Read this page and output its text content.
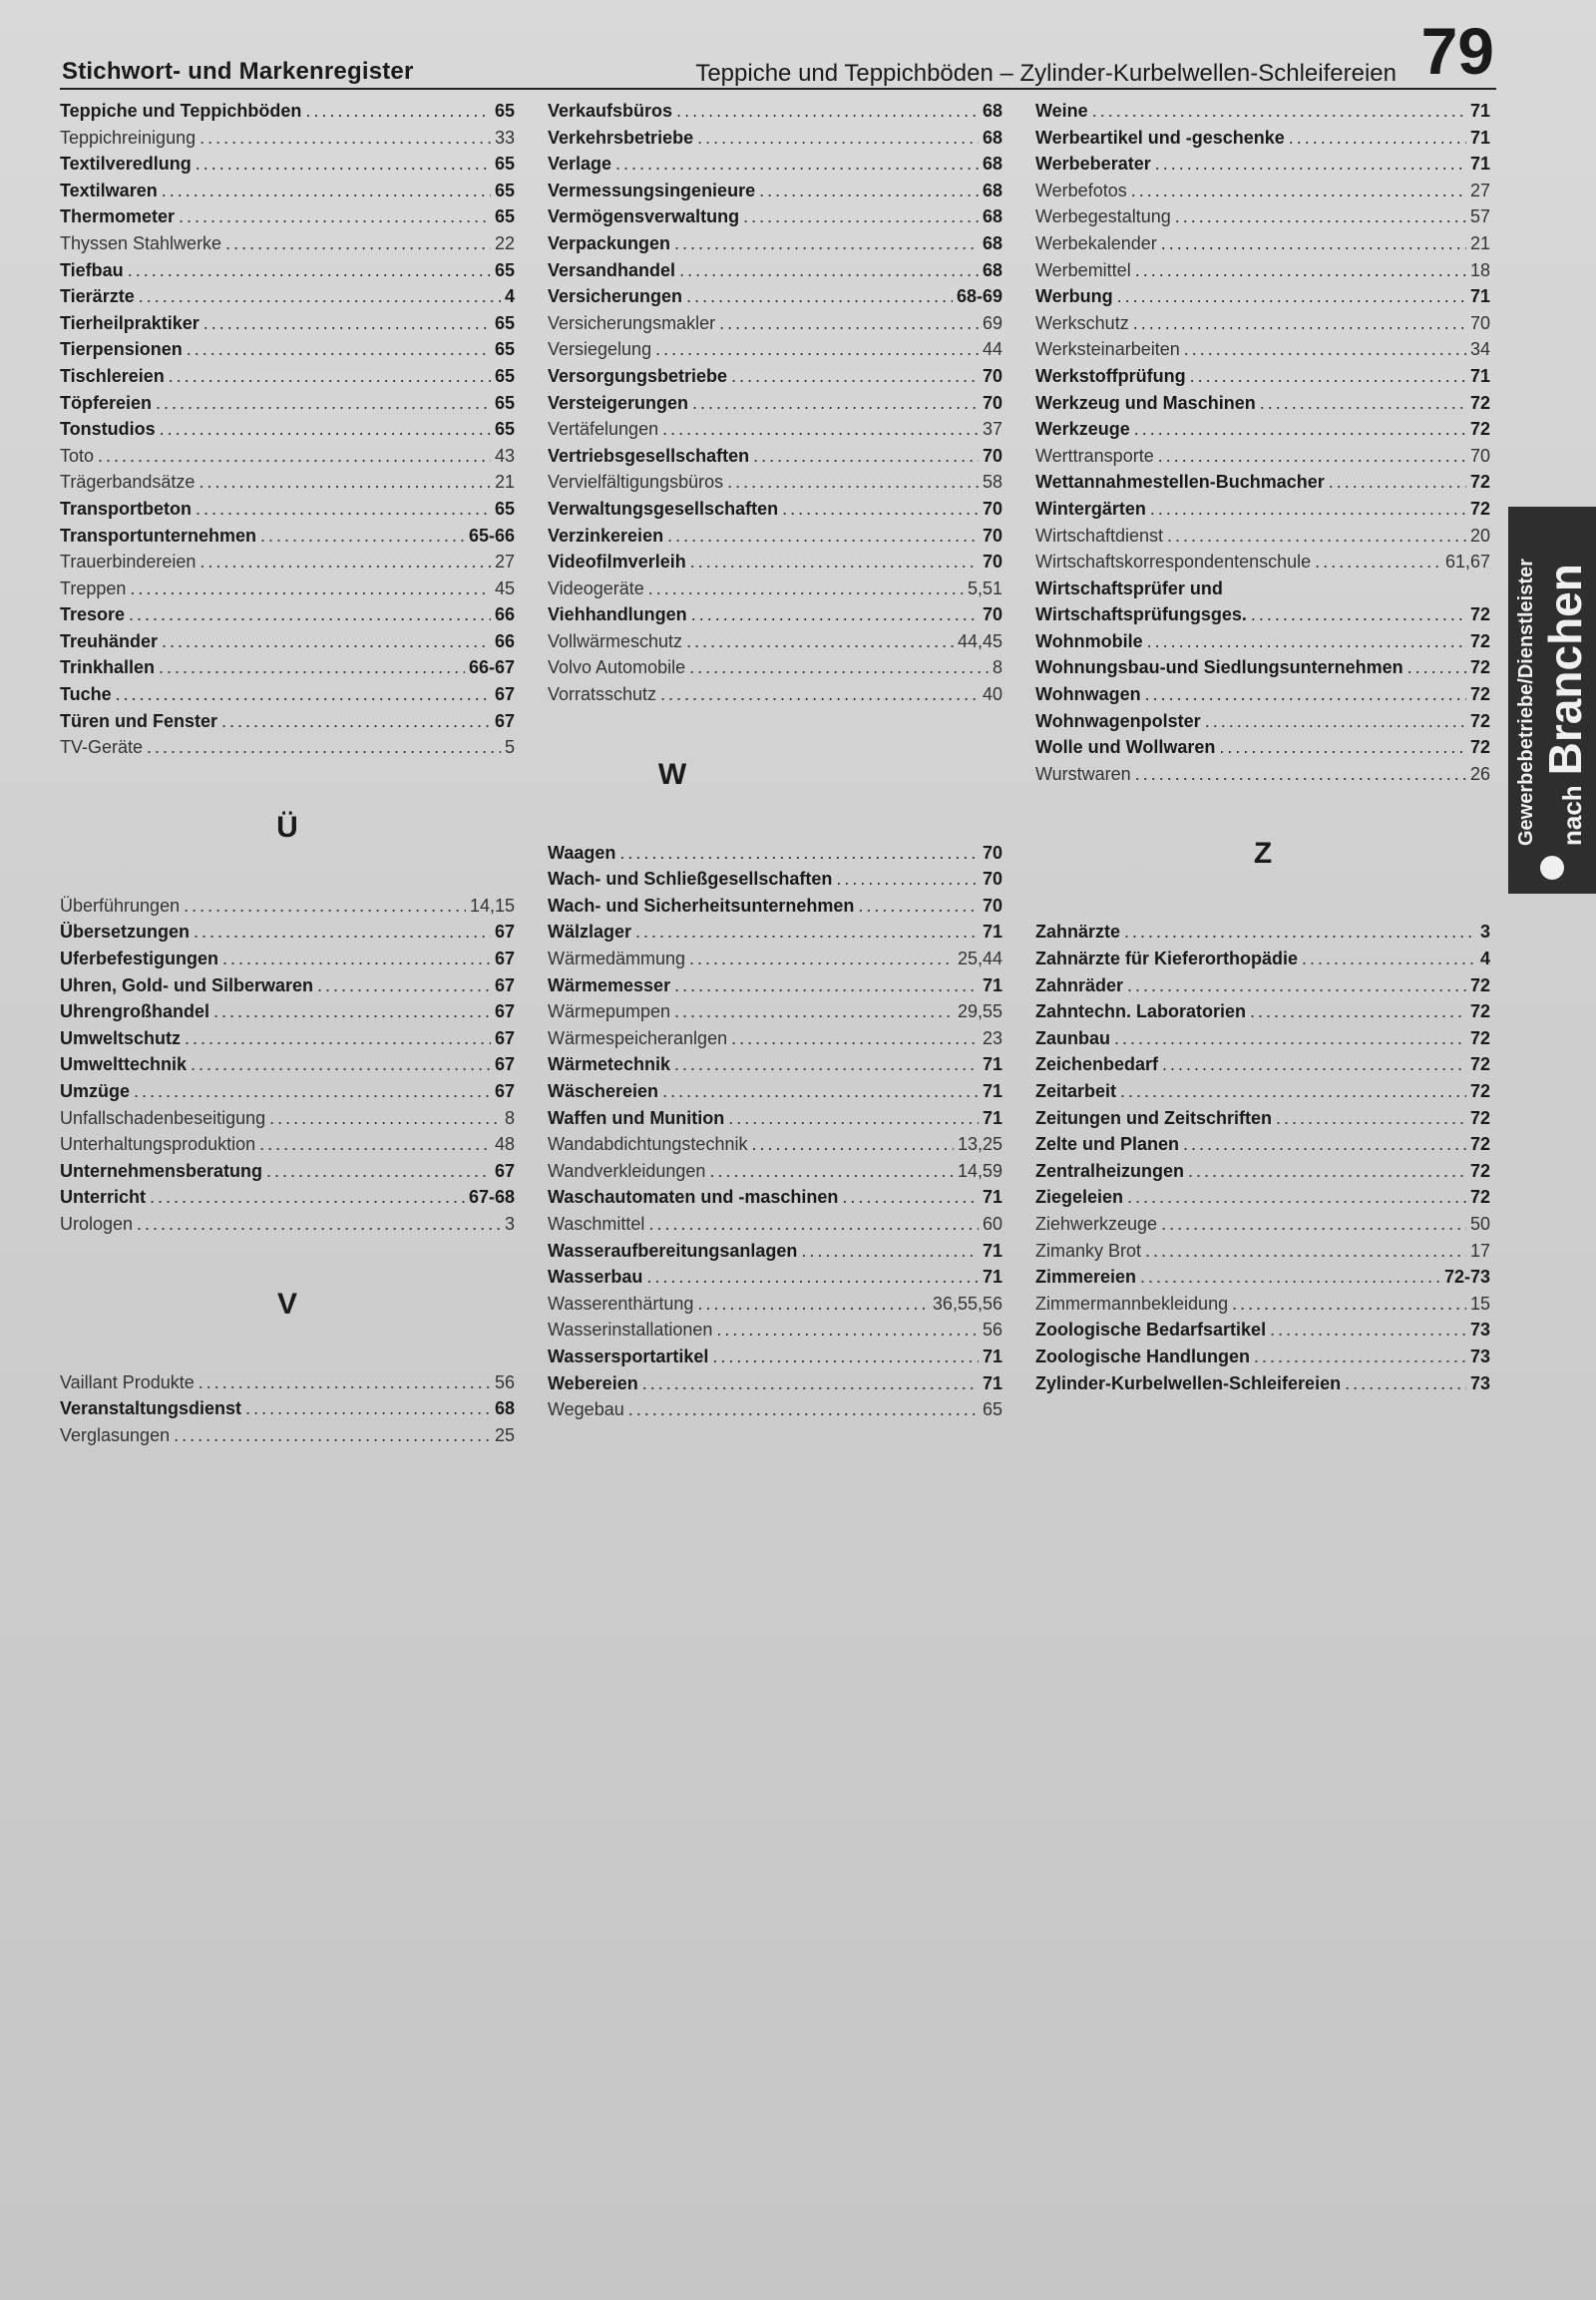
Stichwort- und Markenregister	Teppiche und Teppichböden – Zylinder-Kurbelwellen-Schleifereien 79
Teppiche und Teppichböden .....	65
Teppichreinigung .....	33
Textilveredlung .....	65
Textilwaren .....	65
Thermometer .....	65
Thyssen Stahlwerke .....	22
Tiefbau .....	65
Tierärzte .....	4
Tierheilpraktiker .....	65
Tierpensionen .....	65
Tischlereien .....	65
Töpfereien .....	65
Tonstudios .....	65
Toto .....	43
Trägerbandsätze .....	21
Transportbeton .....	65
Transportunternehmen .....	65-66
Trauerbindereien .....	27
Treppen .....	45
Tresore .....	66
Treuhänder .....	66
Trinkhallen .....	66-67
Tuche .....	67
Türen und Fenster .....	67
TV-Geräte .....	5
Ü
Überführungen .....	14,15
Übersetzungen .....	67
Uferbefestigungen .....	67
Uhren, Gold- und Silberwaren .....	67
Uhrengroßhandel .....	67
Umweltschutz .....	67
Umwelttechnik .....	67
Umzüge .....	67
Unfallschadenbeseitigung .....	8
Unterhaltungsproduktion .....	48
Unternehmensberatung .....	67
Unterricht .....	67-68
Urologen .....	3
V
Vaillant Produkte .....	56
Veranstaltungsdienst .....	68
Verglasungen .....	25
Verkaufsbüros .....	68
Verkehrsbetriebe .....	68
Verlage .....	68
Vermessungsingenieure .....	68
Vermögensverwaltung .....	68
Verpackungen .....	68
Versandhandel .....	68
Versicherungen .....	68-69
Versicherungsmakler .....	69
Versiegelung .....	44
Versorgungsbetriebe .....	70
Versteigerungen .....	70
Vertäfelungen .....	37
Vertriebsgesellschaften .....	70
Vervielfältigungsbüros .....	58
Verwaltungsgesellschaften .....	70
Verzinkereien .....	70
Videofilmverleih .....	70
Videogeräte .....	5,51
Viehhandlungen .....	70
Vollwärmeschutz .....	44,45
Volvo Automobile .....	8
Vorratsschutz .....	40
W
Waagen .....	70
Wach- und Schließgesellschaften .....	70
Wach- und Sicherheitsunternehmen .....	70
Wälzlager .....	71
Wärmedämmung .....	25,44
Wärmemesser .....	71
Wärmepumpen .....	29,55
Wärmespeicheranlgen .....	23
Wärmetechnik .....	71
Wäschereien .....	71
Waffen und Munition .....	71
Wandabdichtungstechnik .....	13,25
Wandverkleidungen .....	14,59
Waschautomaten und -maschinen .....	71
Waschmittel .....	60
Wasseraufbereitungsanlagen .....	71
Wasserbau .....	71
Wasserenthärtung .....	36,55,56
Wasserinstallationen .....	56
Wassersportartikel .....	71
Webereien .....	71
Wegebau .....	65
Weine .....	71
Werbeartikel und -geschenke .....	71
Werbeberater .....	71
Werbefotos .....	27
Werbegestaltung .....	57
Werbekalender .....	21
Werbemittel .....	18
Werbung .....	71
Werkschutz .....	70
Werksteinarbeiten .....	34
Werkstoffprüfung .....	71
Werkzeug und Maschinen .....	72
Werkzeuge .....	72
Werttransporte .....	70
Wettannahmestellen-Buchmacher .....	72
Wintergärten .....	72
Wirtschaftdienst .....	20
Wirtschaftskorrespondentenschule .....	61,67
Wirtschaftsprüfer und
Wirtschaftsprüfungsges. .....	72
Wohnmobile .....	72
Wohnungsbau-und Siedlungsunternehmen .....	72
Wohnwagen .....	72
Wohnwagenpolster .....	72
Wolle und Wollwaren .....	72
Wurstwaren .....	26
Z
Zahnärzte .....	3
Zahnärzte für Kieferorthopädie .....	4
Zahnräder .....	72
Zahntechn. Laboratorien .....	72
Zaunbau .....	72
Zeichenbedarf .....	72
Zeitarbeit .....	72
Zeitungen und Zeitschriften .....	72
Zelte und Planen .....	72
Zentralheizungen .....	72
Ziegeleien .....	72
Ziehwerkzeuge .....	50
Zimanky Brot .....	17
Zimmereien .....	72-73
Zimmermannbekleidung .....	15
Zoologische Bedarfsartikel .....	73
Zoologische Handlungen .....	73
Zylinder-Kurbelwellen-Schleifereien .....	73
Gewerbebetriebe/Dienstleister nach
Branchen
